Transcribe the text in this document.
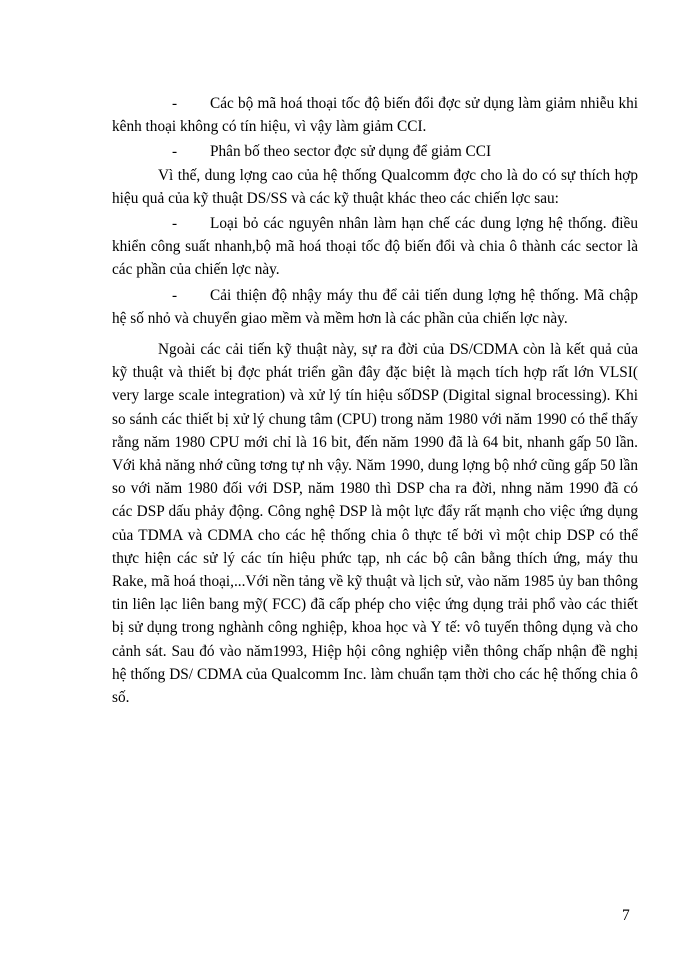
- Các bộ mã hoá thoại tốc độ biến đổi đợc sử dụng làm giảm nhiễu khi kênh thoại không có tín hiệu, vì vậy làm giảm CCI.

- Phân bố theo sector đợc sử dụng để giảm CCI

Vì thế, dung lợng cao của hệ thống Qualcomm đợc cho là do có sự thích hợp hiệu quả của kỹ thuật DS/SS và các kỹ thuật khác theo các chiến lợc sau:

- Loại bỏ các nguyên nhân làm hạn chế các dung lợng hệ thống. điều khiển công suất nhanh,bộ mã hoá thoại tốc độ biến đổi và chia ô thành các sector là các phần của chiến lợc này.

- Cải thiện độ nhậy máy thu để cải tiến dung lợng hệ thống. Mã chập hệ số nhỏ và chuyển giao mềm và mềm hơn là các phần của chiến lợc này.

Ngoài các cải tiến kỹ thuật này, sự ra đời của DS/CDMA còn là kết quả của kỹ thuật và thiết bị đợc phát triển gần đây đặc biệt là mạch tích hợp rất lớn VLSI( very large scale integration) và xử lý tín hiệu sốDSP (Digital signal brocessing). Khi so sánh các thiết bị xử lý chung tâm (CPU) trong năm 1980 với năm 1990 có thể thấy rằng năm 1980 CPU mới chỉ là 16 bit, đến năm 1990 đã là 64 bit, nhanh gấp 50 lần. Với khả năng nhớ cũng tơng tự nh vậy. Năm 1990, dung lợng bộ nhớ cũng gấp 50 lần so với năm 1980 đối với DSP, năm 1980 thì DSP cha ra đời, nhng năm 1990 đã có các DSP dấu phảy động. Công nghệ DSP là một lực đẩy rất mạnh cho việc ứng dụng của TDMA và CDMA cho các hệ thống chia ô thực tế bởi vì một chip DSP có thể thực hiện các sử lý các tín hiệu phức tạp, nh các bộ cân bằng thích ứng, máy thu Rake, mã hoá thoại,...Với nền tảng về kỹ thuật và lịch sử, vào năm 1985 ủy ban thông tin liên lạc liên bang mỹ( FCC) đã cấp phép cho việc ứng dụng trải phổ vào các thiết bị sử dụng trong nghành công nghiệp, khoa học và Y tế: vô tuyến thông dụng và cho cảnh sát. Sau đó vào năm1993, Hiệp hội công nghiệp viễn thông chấp nhận đề nghị hệ thống DS/ CDMA của Qualcomm Inc. làm chuẩn tạm thời cho các hệ thống chia ô số.

7
